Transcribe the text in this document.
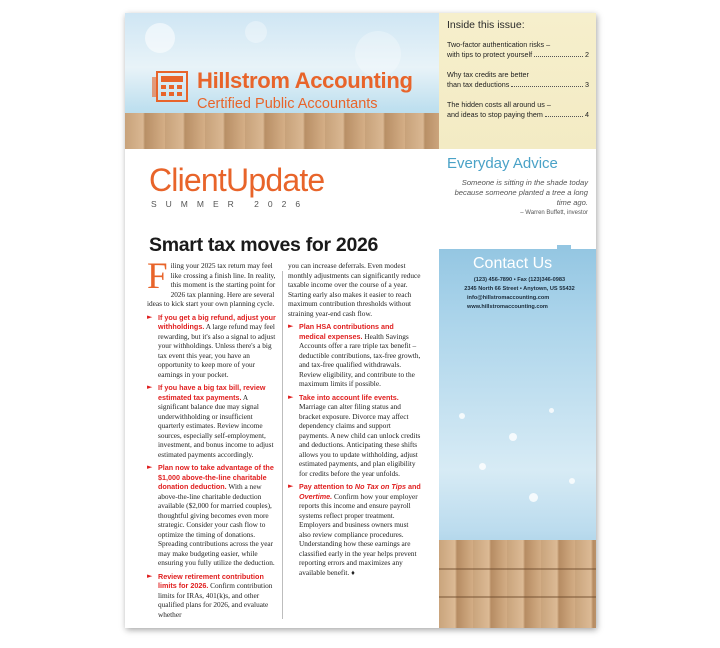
Hillstrom Accounting
Certified Public Accountants
Inside this issue:
Two-factor authentication risks –
with tips to protect yourself	2
Why tax credits are better
than tax deductions	3
The hidden costs all around us –
and ideas to stop paying them	4
Everyday Advice
Someone is sitting in the shade today because someone planted a tree a long time ago.
– Warren Buffett, investor
Contact Us
(123) 456-7890 • Fax (123)346-0983
2345 North 66 Street • Anytown, US 55432
info@hillstromaccounting.com
www.hillstromaccounting.com
ClientUpdate
SUMMER 2026
Smart tax moves for 2026
Filing your 2025 tax return may feel like crossing a finish line. In reality, this moment is the starting point for 2026 tax planning. Here are several ideas to kick start your own planning cycle.
► If you get a big refund, adjust your withholdings. A large refund may feel rewarding, but it's also a signal to adjust your withholdings. Unless there's a big tax event this year, you have an opportunity to keep more of your earnings in your pocket.
► If you have a big tax bill, review estimated tax payments. A significant balance due may signal underwithholding or insufficient quarterly estimates. Review income sources, especially self-employment, investment, and bonus income to adjust estimated payments accordingly.
► Plan now to take advantage of the $1,000 above-the-line charitable donation deduction. With a new above-the-line charitable deduction available ($2,000 for married couples), thoughtful giving becomes even more strategic. Consider your cash flow to optimize the timing of donations. Spreading contributions across the year may make budgeting easier, while ensuring you fully utilize the deduction.
► Review retirement contribution limits for 2026. Confirm contribution limits for IRAs, 401(k)s, and other qualified plans for 2026, and evaluate whether
you can increase deferrals. Even modest monthly adjustments can significantly reduce taxable income over the course of a year. Starting early also makes it easier to reach maximum contribution thresholds without straining year-end cash flow.
► Plan HSA contributions and medical expenses. Health Savings Accounts offer a rare triple tax benefit – deductible contributions, tax-free growth, and tax-free qualified withdrawals. Review eligibility, and contribute to the maximum limits if possible.
► Take into account life events. Marriage can alter filing status and bracket exposure. Divorce may affect dependency claims and support payments. A new child can unlock credits and deductions. Anticipating these shifts allows you to update withholding, adjust estimated payments, and plan eligibility for credits before the year unfolds.
► Pay attention to No Tax on Tips and Overtime. Confirm how your employer reports this income and ensure payroll systems reflect proper treatment. Employers and business owners must also review compliance procedures. Understanding how these earnings are classified early in the year helps prevent reporting errors and maximizes any available benefit. ♦
